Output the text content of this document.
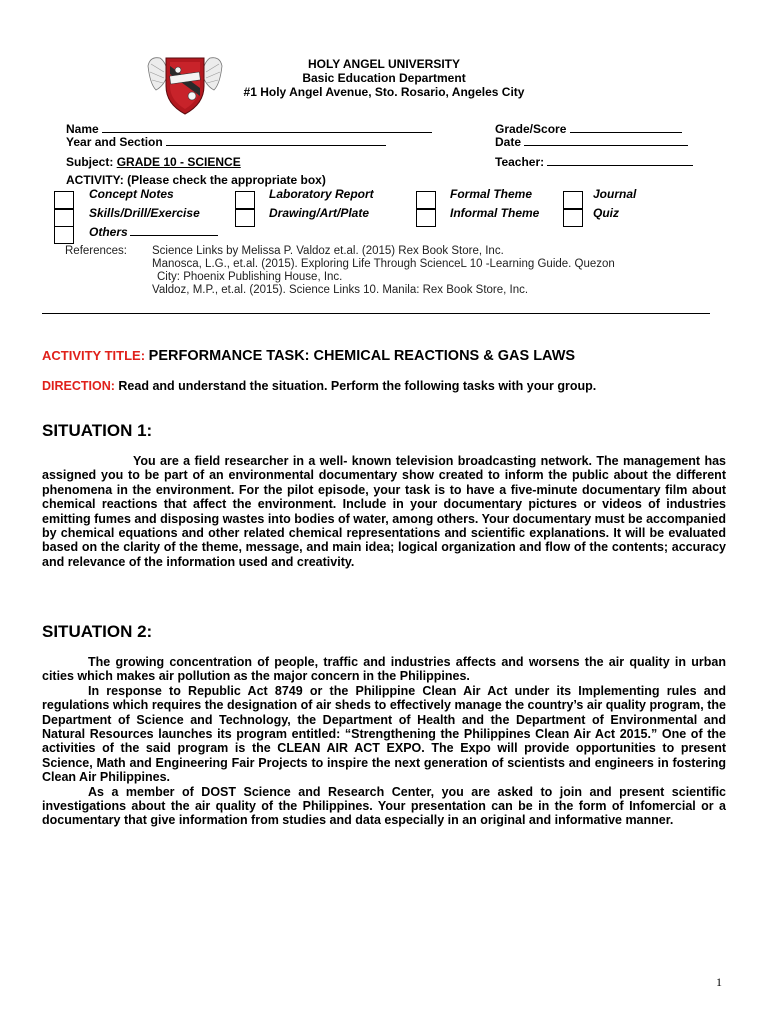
HOLY ANGEL UNIVERSITY
Basic Education Department
#1 Holy Angel Avenue, Sto. Rosario, Angeles City
Name
Year and Section
Subject: GRADE 10 - SCIENCE
Grade/Score
Date
Teacher:
ACTIVITY: (Please check the appropriate box)
Concept Notes	Laboratory Report	Formal Theme	Journal
Skills/Drill/Exercise	Drawing/Art/Plate	Informal Theme	Quiz
Others
References: Science Links by Melissa P. Valdoz et.al. (2015) Rex Book Store, Inc.
Manosca, L.G., et.al. (2015). Exploring Life Through ScienceL 10 -Learning Guide. Quezon
City: Phoenix Publishing House, Inc.
Valdoz, M.P., et.al. (2015). Science Links 10. Manila: Rex Book Store, Inc.
ACTIVITY TITLE: PERFORMANCE TASK: CHEMICAL REACTIONS & GAS LAWS
DIRECTION: Read and understand the situation. Perform the following tasks with your group.
SITUATION 1:

You are a field researcher in a well- known television broadcasting network. The management has assigned you to be part of an environmental documentary show created to inform the public about the different phenomena in the environment. For the pilot episode, your task is to have a five-minute documentary film about chemical reactions that affect the environment. Include in your documentary pictures or videos of industries emitting fumes and disposing wastes into bodies of water, among others. Your documentary must be accompanied by chemical equations and other related chemical representations and scientific explanations. It will be evaluated based on the clarity of the theme, message, and main idea; logical organization and flow of the contents; accuracy and relevance of the information used and creativity.

SITUATION 2:

The growing concentration of people, traffic and industries affects and worsens the air quality in urban cities which makes air pollution as the major concern in the Philippines.

In response to Republic Act 8749 or the Philippine Clean Air Act under its Implementing rules and regulations which requires the designation of air sheds to effectively manage the country’s air quality program, the Department of Science and Technology, the Department of Health and the Department of Environmental and Natural Resources launches its program entitled: “Strengthening the Philippines Clean Air Act 2015.” One of the activities of the said program is the CLEAN AIR ACT EXPO. The Expo will provide opportunities to present Science, Math and Engineering Fair Projects to inspire the next generation of scientists and engineers in fostering Clean Air Philippines.

As a member of DOST Science and Research Center, you are asked to join and present scientific investigations about the air quality of the Philippines. Your presentation can be in the form of Infomercial or a documentary that give information from studies and data especially in an original and informative manner.

1
